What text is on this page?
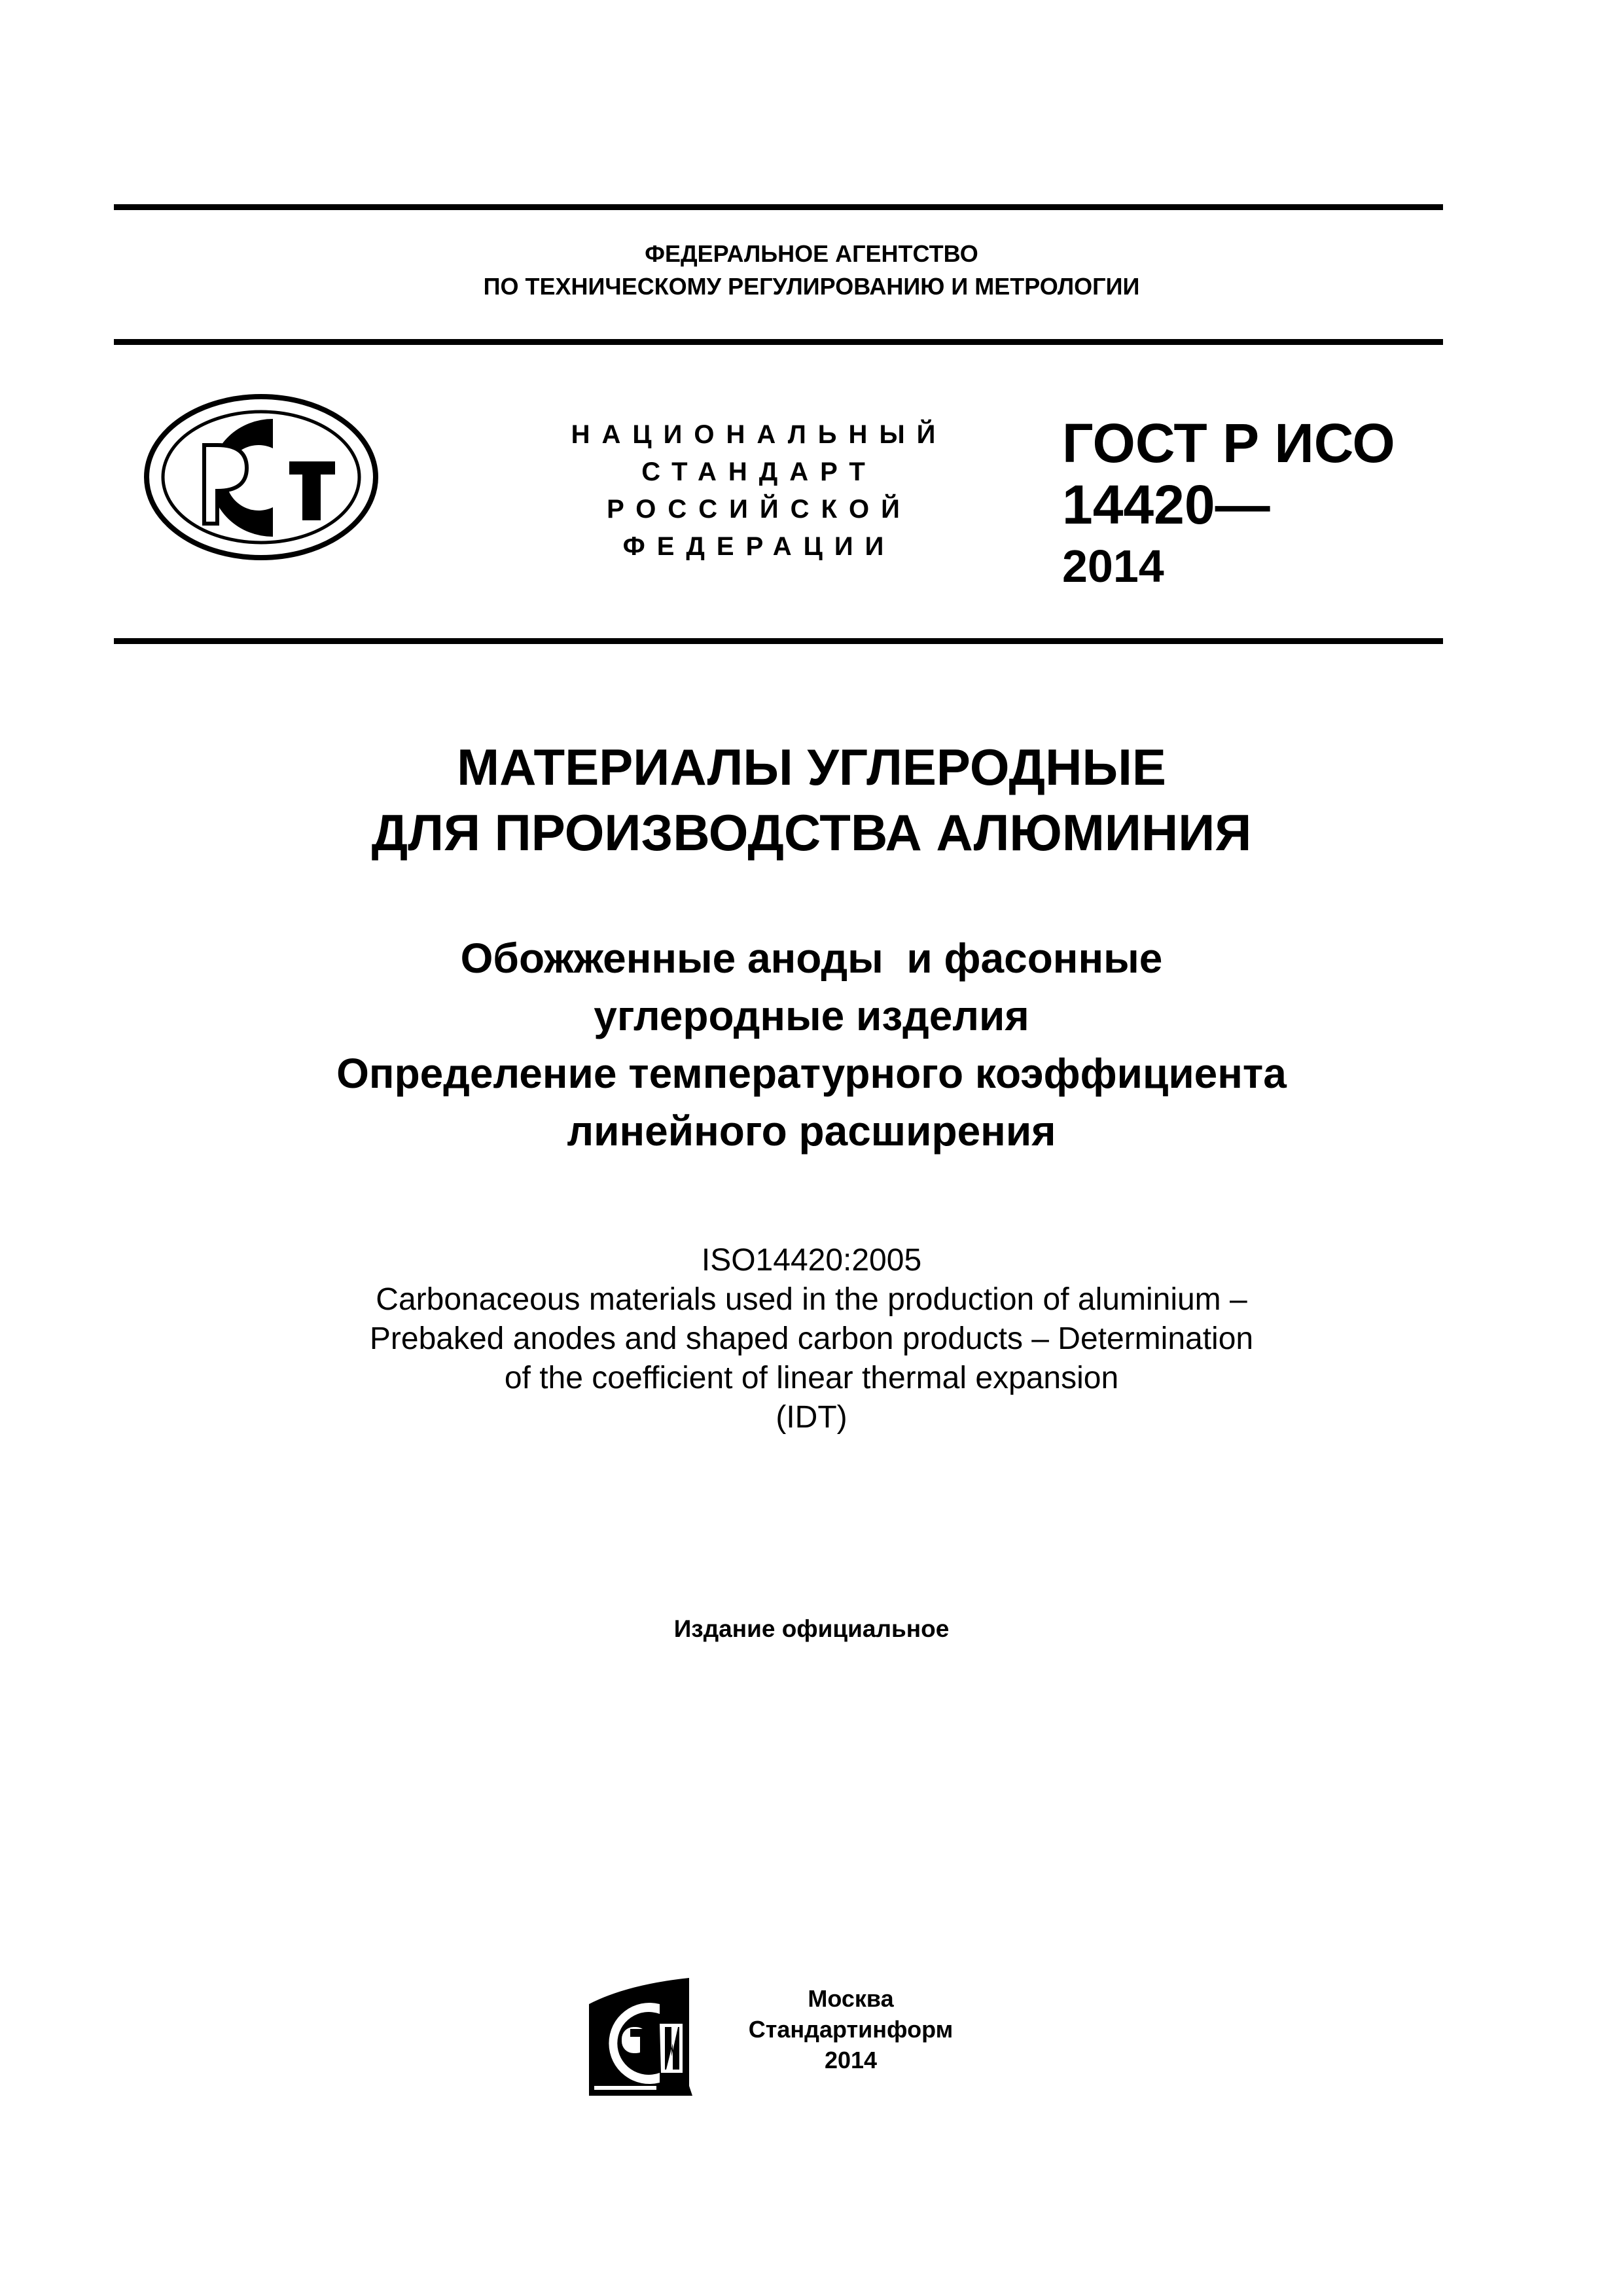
ФЕДЕРАЛЬНОЕ АГЕНТСТВО
ПО ТЕХНИЧЕСКОМУ РЕГУЛИРОВАНИЮ И МЕТРОЛОГИИ
НАЦИОНАЛЬНЫЙ
СТАНДАРТ
РОССИЙСКОЙ
ФЕДЕРАЦИИ
ГОСТ Р ИСО
14420—
2014
МАТЕРИАЛЫ УГЛЕРОДНЫЕ
ДЛЯ ПРОИЗВОДСТВА АЛЮМИНИЯ
Обожженные аноды  и фасонные
углеродные изделия
Определение температурного коэффициента
линейного расширения
ISO14420:2005
Carbonaceous materials used in the production of aluminium –
Prebaked anodes and shaped carbon products – Determination
of the coefficient of linear thermal expansion
(IDT)
Издание официальное
Москва
Стандартинформ
2014
